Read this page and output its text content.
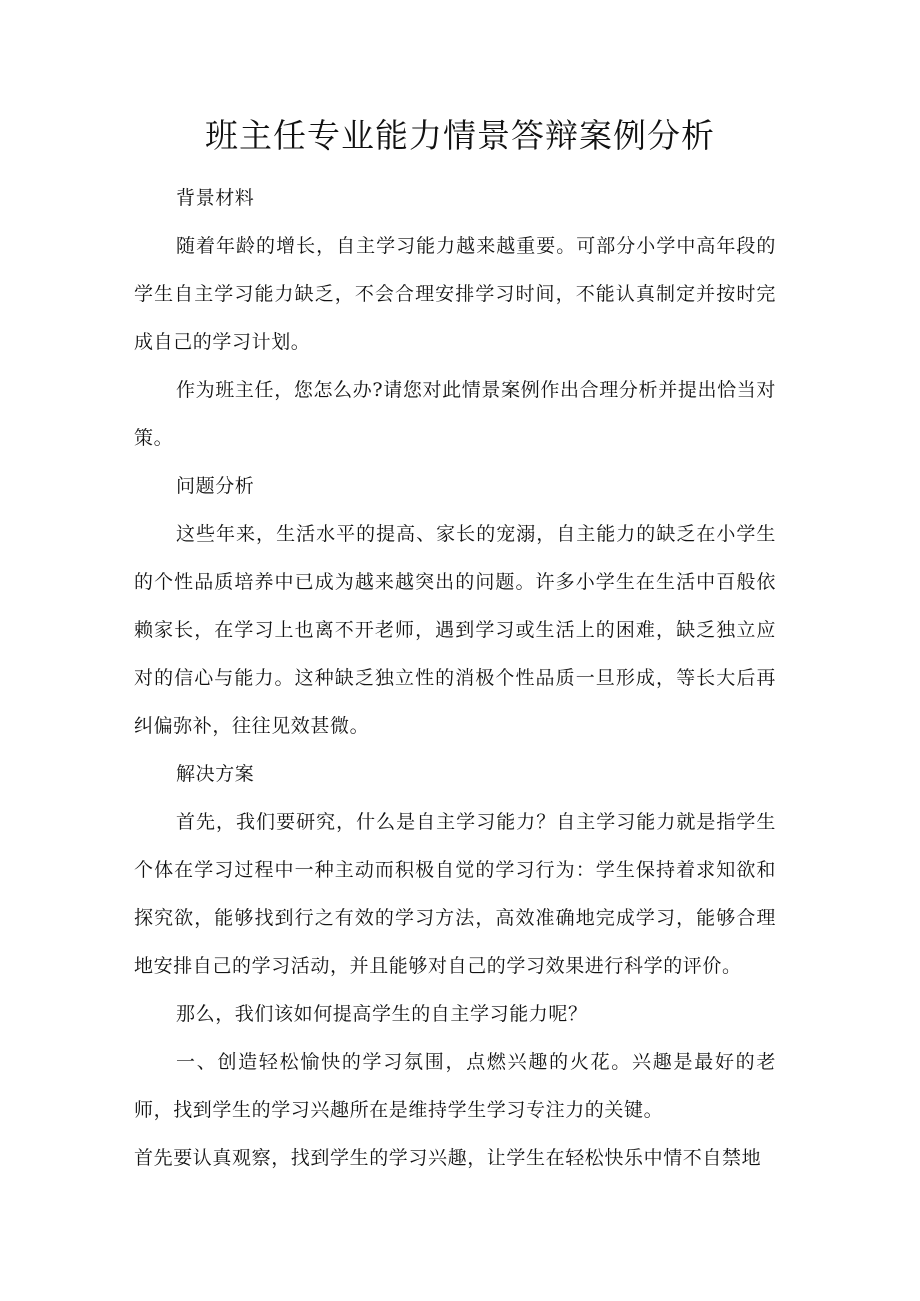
班主任专业能力情景答辩案例分析

背景材料

随着年龄的增长，自主学习能力越来越重要。可部分小学中高年段的学生自主学习能力缺乏，不会合理安排学习时间，不能认真制定并按时完成自己的学习计划。

作为班主任，您怎么办?请您对此情景案例作出合理分析并提出恰当对策。

问题分析

这些年来，生活水平的提高、家长的宠溺，自主能力的缺乏在小学生的个性品质培养中已成为越来越突出的问题。许多小学生在生活中百般依赖家长，在学习上也离不开老师，遇到学习或生活上的困难，缺乏独立应对的信心与能力。这种缺乏独立性的消极个性品质一旦形成，等长大后再纠偏弥补，往往见效甚微。

解决方案

首先，我们要研究，什么是自主学习能力？自主学习能力就是指学生个体在学习过程中一种主动而积极自觉的学习行为：学生保持着求知欲和探究欲，能够找到行之有效的学习方法，高效准确地完成学习，能够合理地安排自己的学习活动，并且能够对自己的学习效果进行科学的评价。

那么，我们该如何提高学生的自主学习能力呢？

一、创造轻松愉快的学习氛围，点燃兴趣的火花。兴趣是最好的老师，找到学生的学习兴趣所在是维持学生学习专注力的关键。

首先要认真观察，找到学生的学习兴趣，让学生在轻松快乐中情不自禁地
